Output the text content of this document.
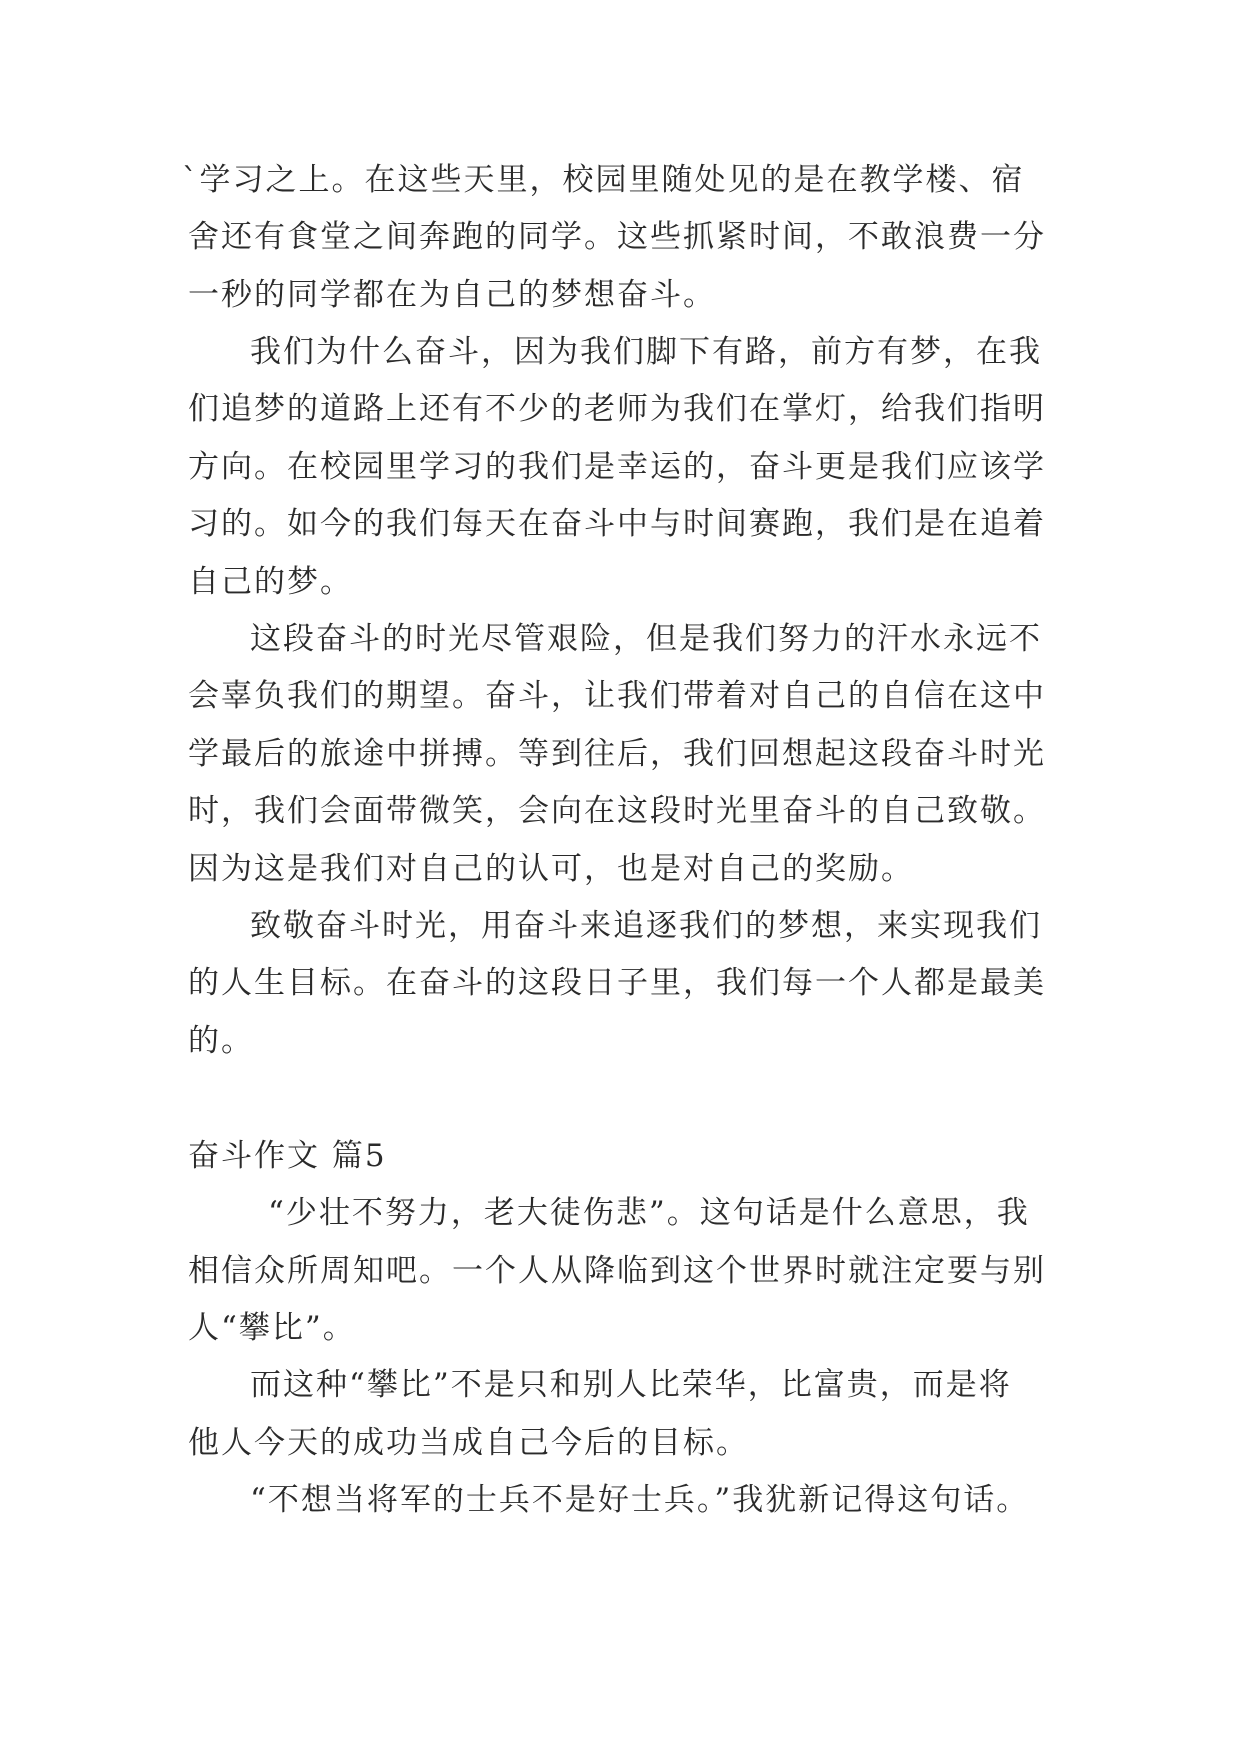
`学习之上。在这些天里，校园里随处见的是在教学楼、宿
舍还有食堂之间奔跑的同学。这些抓紧时间，不敢浪费一分
一秒的同学都在为自己的梦想奋斗。
我们为什么奋斗，因为我们脚下有路，前方有梦，在我
们追梦的道路上还有不少的老师为我们在掌灯，给我们指明
方向。在校园里学习的我们是幸运的，奋斗更是我们应该学
习的。如今的我们每天在奋斗中与时间赛跑，我们是在追着
自己的梦。
这段奋斗的时光尽管艰险，但是我们努力的汗水永远不
会辜负我们的期望。奋斗，让我们带着对自己的自信在这中
学最后的旅途中拼搏。等到往后，我们回想起这段奋斗时光
时，我们会面带微笑，会向在这段时光里奋斗的自己致敬。
因为这是我们对自己的认可，也是对自己的奖励。
致敬奋斗时光，用奋斗来追逐我们的梦想，来实现我们
的人生目标。在奋斗的这段日子里，我们每一个人都是最美
的。
奋斗作文 篇5
“少壮不努力，老大徒伤悲”。这句话是什么意思，我
相信众所周知吧。一个人从降临到这个世界时就注定要与别
人“攀比”。
而这种“攀比”不是只和别人比荣华，比富贵，而是将
他人今天的成功当成自己今后的目标。
“不想当将军的士兵不是好士兵。”我犹新记得这句话。
